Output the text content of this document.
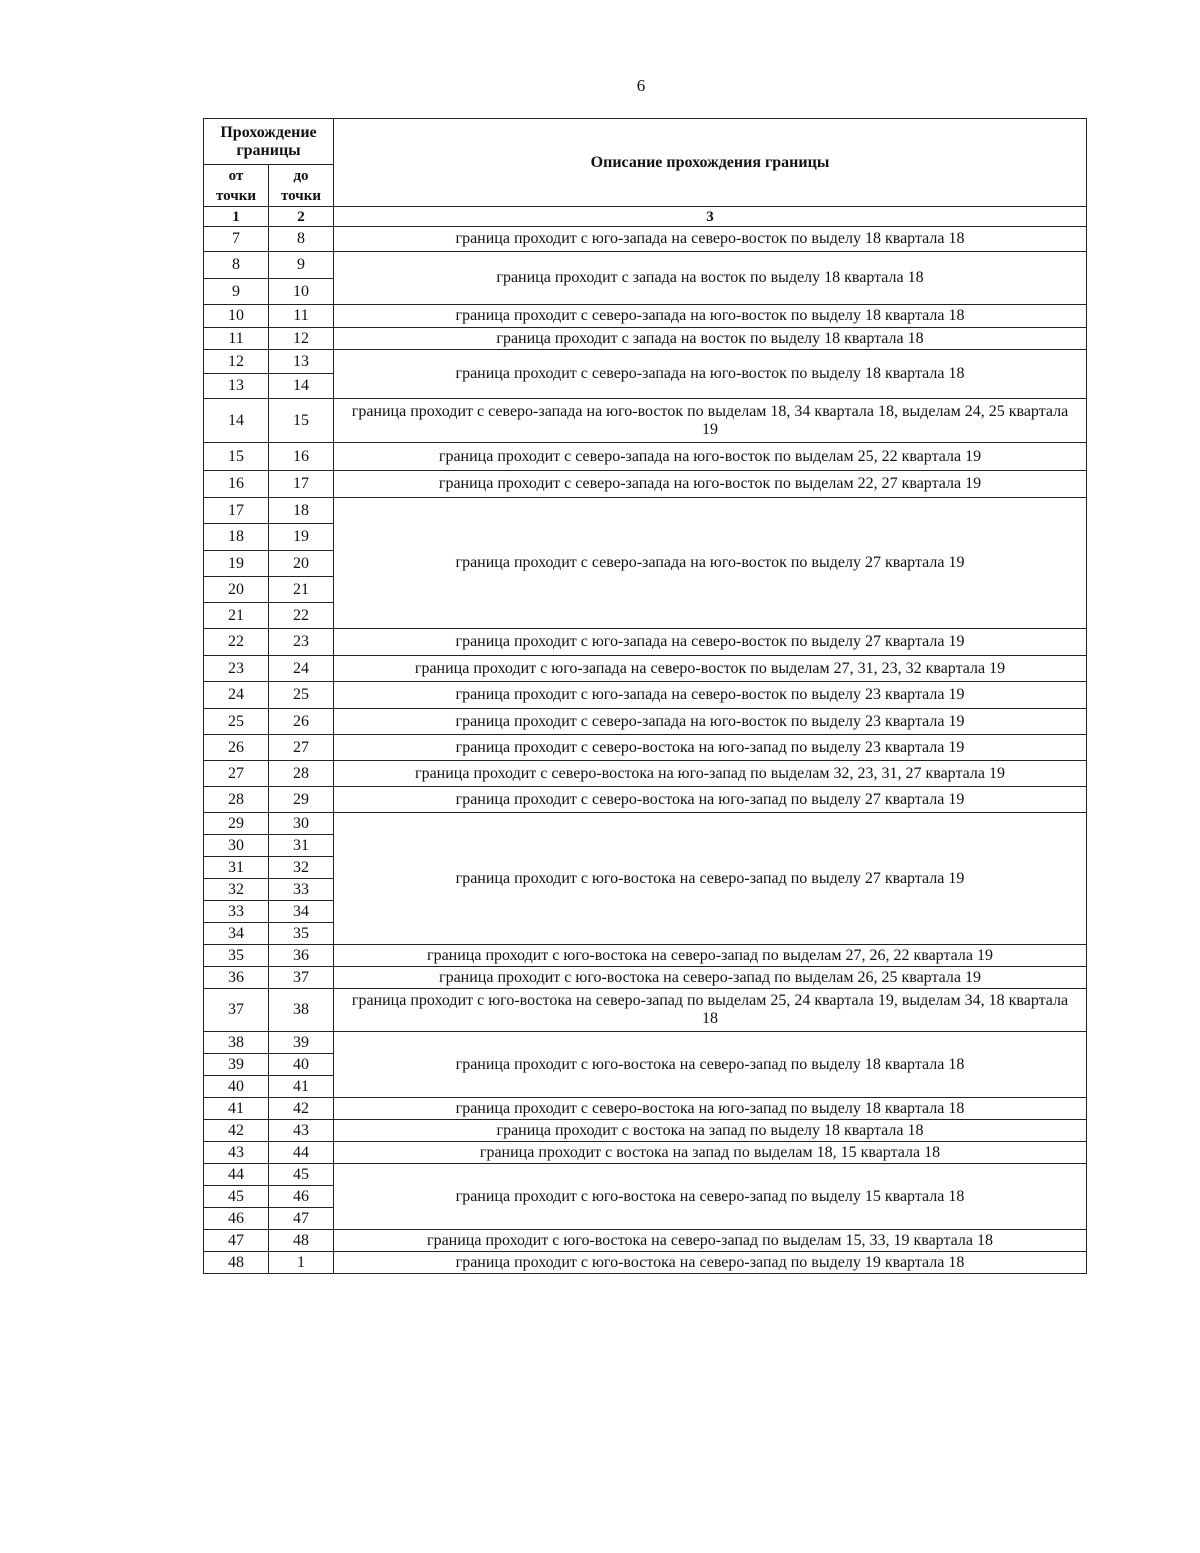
6
Прохождение границы		Описание прохождения границы
от точки	до точки	
1	2	3
7	8	граница проходит с юго-запада на северо-восток по выделу 18 квартала 18
8	9	граница проходит с запада на восток по выделу 18 квартала 18
9	10	
10	11	граница проходит с северо-запада на юго-восток по выделу 18 квартала 18
11	12	граница проходит с запада на восток по выделу 18 квартала 18
12	13	граница проходит с северо-запада на юго-восток по выделу 18 квартала 18
13	14	
14	15	граница проходит с северо-запада на юго-восток по выделам 18, 34 квартала 18, выделам 24, 25 квартала 19
15	16	граница проходит с северо-запада на юго-восток по выделам 25, 22 квартала 19
16	17	граница проходит с северо-запада на юго-восток по выделам 22, 27 квартала 19
17	18	граница проходит с северо-запада на юго-восток по выделу 27 квартала 19
18	19	
19	20	
20	21	
21	22	
22	23	граница проходит с юго-запада на северо-восток по выделу 27 квартала 19
23	24	граница проходит с юго-запада на северо-восток по выделам 27, 31, 23, 32 квартала 19
24	25	граница проходит с юго-запада на северо-восток по выделу 23 квартала 19
25	26	граница проходит с северо-запада на юго-восток по выделу 23 квартала 19
26	27	граница проходит с северо-востока на юго-запад по выделу 23 квартала 19
27	28	граница проходит с северо-востока на юго-запад по выделам 32, 23, 31, 27 квартала 19
28	29	граница проходит с северо-востока на юго-запад по выделу 27 квартала 19
29	30	граница проходит с юго-востока на северо-запад по выделу 27 квартала 19
30	31	
31	32	
32	33	
33	34	
34	35	
35	36	граница проходит с юго-востока на северо-запад по выделам 27, 26, 22 квартала 19
36	37	граница проходит с юго-востока на северо-запад по выделам 26, 25 квартала 19
37	38	граница проходит с юго-востока на северо-запад по выделам 25, 24 квартала 19, выделам 34, 18 квартала 18
38	39	граница проходит с юго-востока на северо-запад по выделу 18 квартала 18
39	40	
40	41	
41	42	граница проходит с северо-востока на юго-запад по выделу 18 квартала 18
42	43	граница проходит с востока на запад по выделу 18 квартала 18
43	44	граница проходит с востока на запад по выделам 18, 15 квартала 18
44	45	граница проходит с юго-востока на северо-запад по выделу 15 квартала 18
45	46	
46	47	
47	48	граница проходит с юго-востока на северо-запад по выделам 15, 33, 19 квартала 18
48	1	граница проходит с юго-востока на северо-запад по выделу 19 квартала 18
